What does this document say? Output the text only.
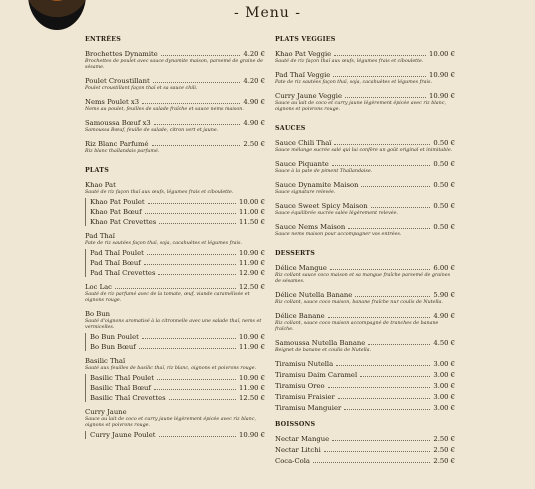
- Menu -
ENTRÉES
Brochettes Dynamite	4.20 €
Brochettes de poulet avec sauce dynamite maison, parsemé de graine de sésame.
Poulet Croustillant	4.20 €
Poulet croustillant façon thaï et sa sauce chili.
Nems Poulet x3	4.90 €
Nems au poulet, feuilles de salade fraîche et sauce nems maison.
Samoussa Bœuf x3	4.90 €
Samoussa Bœuf, feuille de salade, citron vert et jaune.
Riz Blanc Parfumé	2.50 €
Riz blanc thaïlandais parfumé.
PLATS
Khao Pat
Sauté de riz façon thaï aux œufs, légumes frais et ciboulette.
Khao Pat Poulet	10.00 €
Khao Pat Bœuf	11.00 €
Khao Pat Crevettes	11.50 €
Pad Thaï
Pate de riz sautées façon thaï, soja, cacahuètes et légumes frais.
Pad Thaï Poulet	10.90 €
Pad Thaï Bœuf	11.90 €
Pad Thaï Crevettes	12.90 €
Loc Lac	12.50 €
Sauté de riz parfumé avec de la tomate, œuf, viande caramélisée et oignons rouge.
Bo Bun
Sauté d'oignons aromatisé à la citronnelle avec une salade thaï, nems et vermicelles.
Bo Bun Poulet	10.90 €
Bo Bun Bœuf	11.90 €
Basilic Thaï
Sauté aux feuilles de basilic thaï, riz blanc, oignons et poivrons rouge.
Basilic Thaï Poulet	10.90 €
Basilic Thaï Bœuf	11.90 €
Basilic Thaï Crevettes	12.50 €
Curry Jaune
Sauce au lait de coco et curry jaune légèrement épicée avec riz blanc, oignons et poivrons rouge.
Curry Jaune Poulet	10.90 €
PLATS VEGGIES
Khao Pat Veggie	10.00 €
Sauté de riz façon thaï aux œufs, légumes frais et ciboulette.
Pad Thaï Veggie	10.90 €
Pate de riz sautées façon thaï, soja, cacahuètes et légumes frais.
Curry Jaune Veggie	10.90 €
Sauce au lait de coco et curry jaune légèrement épicée avec riz blanc, oignons et poivrons rouge.
SAUCES
Sauce Chili Thaï	0.50 €
Sauce mélange sucrée salé qui lui confère un goût original et inimitable.
Sauce Piquante	0.50 €
Sauce à la pate de piment Thaïlandaise.
Sauce Dynamite Maison	0.50 €
Sauce signature relevée.
Sauce Sweet Spicy Maison	0.50 €
Sauce équilibrée sucrée salée légèrement relevée.
Sauce Nems Maison	0.50 €
Sauce nems maison pour accompagner vos entrées.
DESSERTS
Délice Mangue	6.00 €
Riz collant sauce coco maison et sa mangue fraîche parsemé de graines de sésames.
Délice Nutella Banane	5.90 €
Riz collant, sauce coco maison, banane fraîche nur coulis de Nutella.
Délice Banane	4.90 €
Riz collant, sauce coco maison accompagné de tranches de banane fraîche.
Samoussa Nutella Banane	4.50 €
Beignet de banane et coulis de Nutella.
Tiramisu Nutella	3.00 €
Tiramisu Daim Caramel	3.00 €
Tiramisu Oreo	3.00 €
Tiramisu Fraisier	3.00 €
Tiramisu Manguier	3.00 €
BOISSONS
Nectar Mangue	2.50 €
Nectar Litchi	2.50 €
Coca-Cola	2.50 €
